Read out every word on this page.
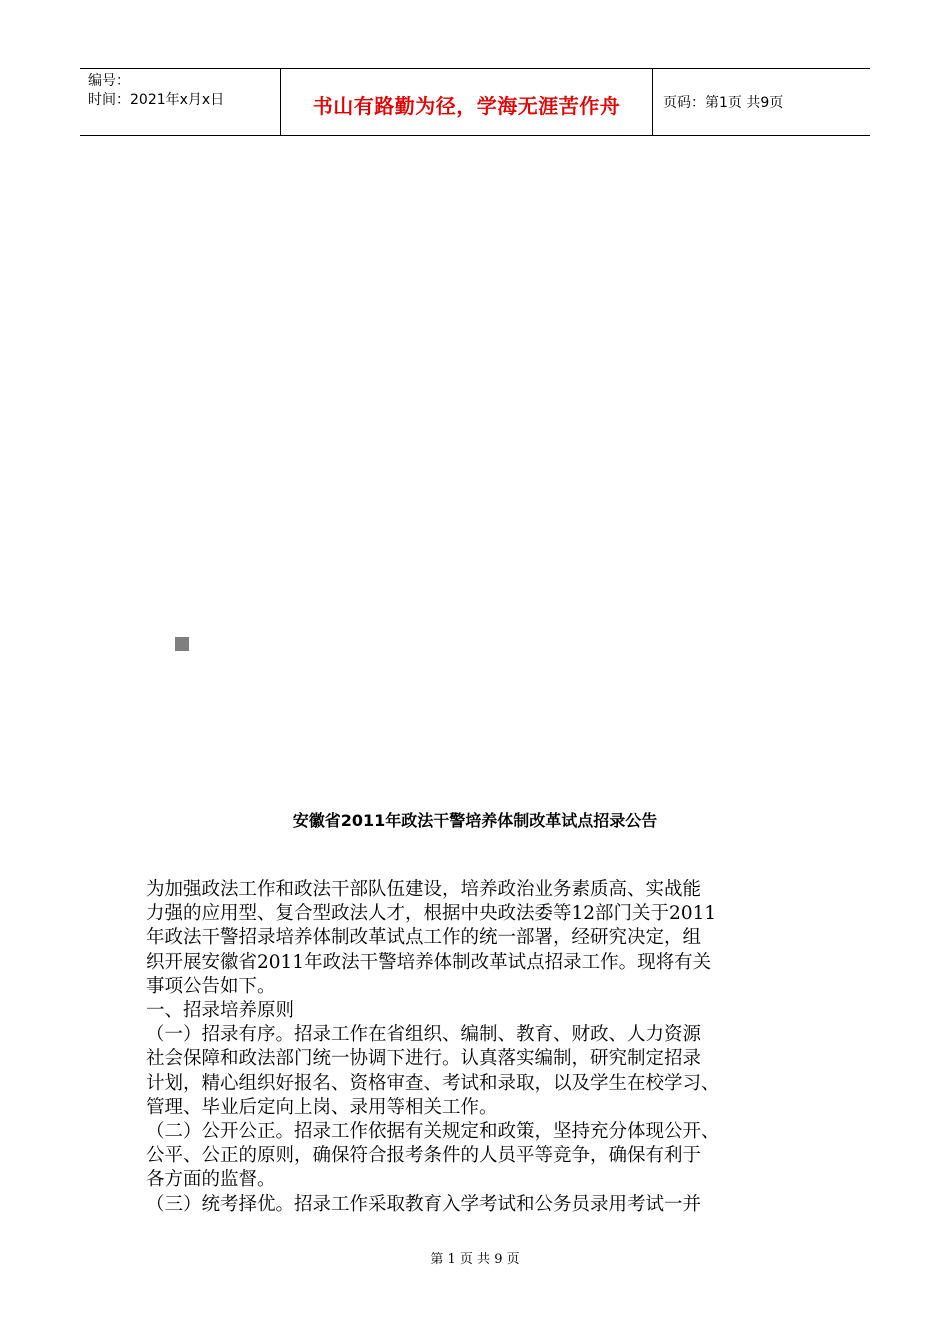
编号：
时间：2021年x月x日	书山有路勤为径，学海无涯苦作舟	页码：第1页 共9页
安徽省2011年政法干警培养体制改革试点招录公告
为加强政法工作和政法干部队伍建设，培养政治业务素质高、实战能
力强的应用型、复合型政法人才，根据中央政法委等12部门关于2011
年政法干警招录培养体制改革试点工作的统一部署，经研究决定，组
织开展安徽省2011年政法干警培养体制改革试点招录工作。现将有关
事项公告如下。
一、招录培养原则
（一）招录有序。招录工作在省组织、编制、教育、财政、人力资源
社会保障和政法部门统一协调下进行。认真落实编制，研究制定招录
计划，精心组织好报名、资格审查、考试和录取，以及学生在校学习、
管理、毕业后定向上岗、录用等相关工作。
（二）公开公正。招录工作依据有关规定和政策，坚持充分体现公开、
公平、公正的原则，确保符合报考条件的人员平等竞争，确保有利于
各方面的监督。
（三）统考择优。招录工作采取教育入学考试和公务员录用考试一并
第 1 页 共 9 页
